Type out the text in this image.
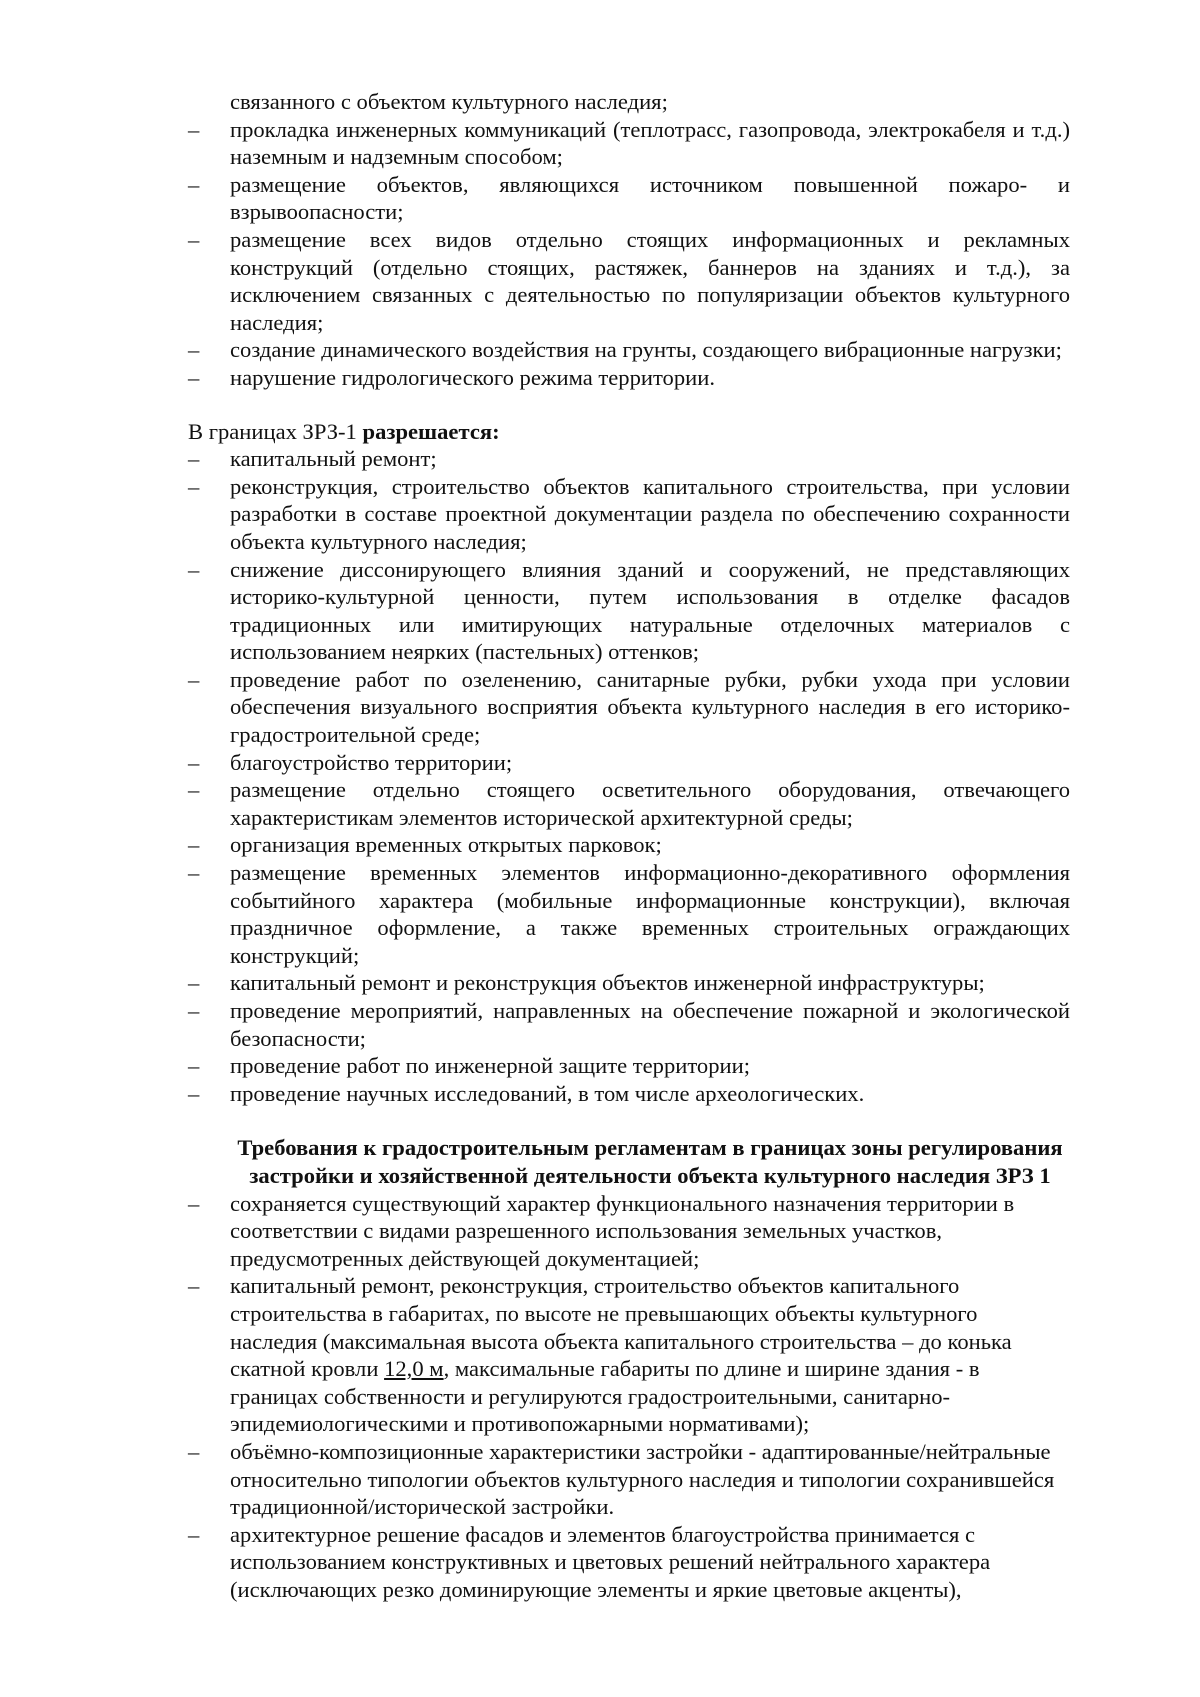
связанного с объектом культурного наследия;
– прокладка инженерных коммуникаций (теплотрасс, газопровода, электрокабеля и т.д.) наземным и надземным способом;
– размещение объектов, являющихся источником повышенной пожаро- и взрывоопасности;
– размещение всех видов отдельно стоящих информационных и рекламных конструкций (отдельно стоящих, растяжек, баннеров на зданиях и т.д.), за исключением связанных с деятельностью по популяризации объектов культурного наследия;
– создание динамического воздействия на грунты, создающего вибрационные нагрузки;
– нарушение гидрологического режима территории.

В границах ЗРЗ-1 разрешается:

– капитальный ремонт;
– реконструкция, строительство объектов капитального строительства, при условии разработки в составе проектной документации раздела по обеспечению сохранности объекта культурного наследия;
– снижение диссонирующего влияния зданий и сооружений, не представляющих историко-культурной ценности, путем использования в отделке фасадов традиционных или имитирующих натуральные отделочных материалов с использованием неярких (пастельных) оттенков;
– проведение работ по озеленению, санитарные рубки, рубки ухода при условии обеспечения визуального восприятия объекта культурного наследия в его историко-градостроительной среде;
– благоустройство территории;
– размещение отдельно стоящего осветительного оборудования, отвечающего характеристикам элементов исторической архитектурной среды;
– организация временных открытых парковок;
– размещение временных элементов информационно-декоративного оформления событийного характера (мобильные информационные конструкции), включая праздничное оформление, а также временных строительных ограждающих конструкций;
– капитальный ремонт и реконструкция объектов инженерной инфраструктуры;
– проведение мероприятий, направленных на обеспечение пожарной и экологической безопасности;
– проведение работ по инженерной защите территории;
– проведение научных исследований, в том числе археологических.

Требования к градостроительным регламентам в границах зоны регулирования
застройки и хозяйственной деятельности объекта культурного наследия ЗРЗ 1

– сохраняется существующий характер функционального назначения территории в соответствии с видами разрешенного использования земельных участков, предусмотренных действующей документацией;
– капитальный ремонт, реконструкция, строительство объектов капитального строительства в габаритах, по высоте не превышающих объекты культурного наследия (максимальная высота объекта капитального строительства – до конька скатной кровли 12,0 м, максимальные габариты по длине и ширине здания - в границах собственности и регулируются градостроительными, санитарно-эпидемиологическими и противопожарными нормативами);
– объёмно-композиционные характеристики застройки - адаптированные/нейтральные относительно типологии объектов культурного наследия и типологии сохранившейся традиционной/исторической застройки.
– архитектурное решение фасадов и элементов благоустройства принимается с использованием конструктивных и цветовых решений нейтрального характера (исключающих резко доминирующие элементы и яркие цветовые акценты),
